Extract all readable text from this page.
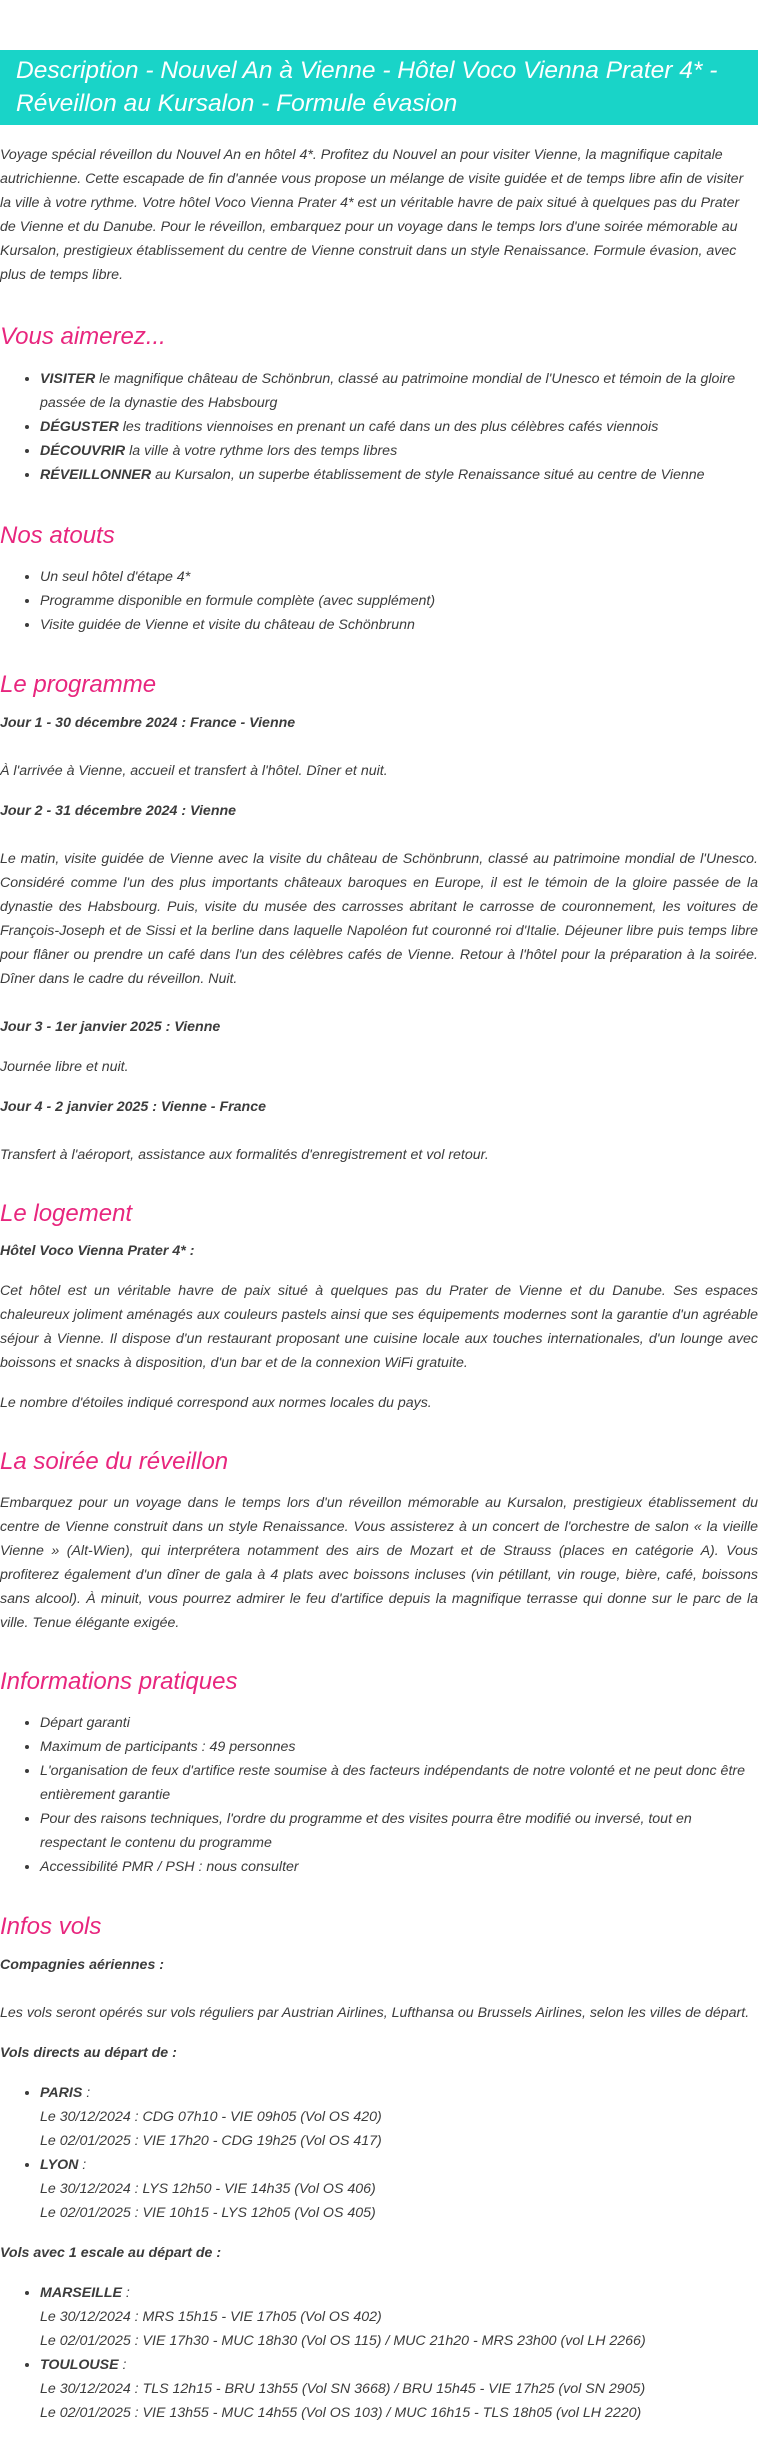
Description - Nouvel An à Vienne - Hôtel Voco Vienna Prater 4* - Réveillon au Kursalon - Formule évasion

Voyage spécial réveillon du Nouvel An en hôtel 4*. Profitez du Nouvel an pour visiter Vienne, la magnifique capitale autrichienne. Cette escapade de fin d'année vous propose un mélange de visite guidée et de temps libre afin de visiter la ville à votre rythme. Votre hôtel Voco Vienna Prater 4* est un véritable havre de paix situé à quelques pas du Prater de Vienne et du Danube. Pour le réveillon, embarquez pour un voyage dans le temps lors d'une soirée mémorable au Kursalon, prestigieux établissement du centre de Vienne construit dans un style Renaissance. Formule évasion, avec plus de temps libre.

Vous aimerez...
• VISITER le magnifique château de Schönbrun, classé au patrimoine mondial de l'Unesco et témoin de la gloire passée de la dynastie des Habsbourg
• DÉGUSTER les traditions viennoises en prenant un café dans un des plus célèbres cafés viennois
• DÉCOUVRIR la ville à votre rythme lors des temps libres
• RÉVEILLONNER au Kursalon, un superbe établissement de style Renaissance situé au centre de Vienne
Nos atouts
• Un seul hôtel d'étape 4*
• Programme disponible en formule complète (avec supplément)
• Visite guidée de Vienne et visite du château de Schönbrunn
Le programme

Jour 1 - 30 décembre 2024 : France - Vienne

À l'arrivée à Vienne, accueil et transfert à l'hôtel. Dîner et nuit.

Jour 2 - 31 décembre 2024 : Vienne

Le matin, visite guidée de Vienne avec la visite du château de Schönbrunn, classé au patrimoine mondial de l'Unesco. Considéré comme l'un des plus importants châteaux baroques en Europe, il est le témoin de la gloire passée de la dynastie des Habsbourg. Puis, visite du musée des carrosses abritant le carrosse de couronnement, les voitures de François-Joseph et de Sissi et la berline dans laquelle Napoléon fut couronné roi d'Italie. Déjeuner libre puis temps libre pour flâner ou prendre un café dans l'un des célèbres cafés de Vienne. Retour à l'hôtel pour la préparation à la soirée. Dîner dans le cadre du réveillon. Nuit.

Jour 3 - 1er janvier 2025 : Vienne

Journée libre et nuit.

Jour 4 - 2 janvier 2025 : Vienne - France

Transfert à l'aéroport, assistance aux formalités d'enregistrement et vol retour.

Le logement

Hôtel Voco Vienna Prater 4* :

Cet hôtel est un véritable havre de paix situé à quelques pas du Prater de Vienne et du Danube. Ses espaces chaleureux joliment aménagés aux couleurs pastels ainsi que ses équipements modernes sont la garantie d'un agréable séjour à Vienne. Il dispose d'un restaurant proposant une cuisine locale aux touches internationales, d'un lounge avec boissons et snacks à disposition, d'un bar et de la connexion WiFi gratuite.

Le nombre d'étoiles indiqué correspond aux normes locales du pays.

La soirée du réveillon

Embarquez pour un voyage dans le temps lors d'un réveillon mémorable au Kursalon, prestigieux établissement du centre de Vienne construit dans un style Renaissance. Vous assisterez à un concert de l'orchestre de salon « la vieille Vienne » (Alt-Wien), qui interprétera notamment des airs de Mozart et de Strauss (places en catégorie A). Vous profiterez également d'un dîner de gala à 4 plats avec boissons incluses (vin pétillant, vin rouge, bière, café, boissons sans alcool). À minuit, vous pourrez admirer le feu d'artifice depuis la magnifique terrasse qui donne sur le parc de la ville. Tenue élégante exigée.

Informations pratiques
• Départ garanti
• Maximum de participants : 49 personnes
• L'organisation de feux d'artifice reste soumise à des facteurs indépendants de notre volonté et ne peut donc être entièrement garantie
• Pour des raisons techniques, l'ordre du programme et des visites pourra être modifié ou inversé, tout en respectant le contenu du programme
• Accessibilité PMR / PSH : nous consulter
Infos vols

Compagnies aériennes :

Les vols seront opérés sur vols réguliers par Austrian Airlines, Lufthansa ou Brussels Airlines, selon les villes de départ.

Vols directs au départ de :

• PARIS :
Le 30/12/2024 : CDG 07h10 - VIE 09h05 (Vol OS 420)
Le 02/01/2025 : VIE 17h20 - CDG 19h25 (Vol OS 417)
• LYON :
Le 30/12/2024 : LYS 12h50 - VIE 14h35 (Vol OS 406)
Le 02/01/2025 : VIE 10h15 - LYS 12h05 (Vol OS 405)

Vols avec 1 escale au départ de :

• MARSEILLE :
Le 30/12/2024 : MRS 15h15 - VIE 17h05 (Vol OS 402)
Le 02/01/2025 : VIE 17h30 - MUC 18h30 (Vol OS 115) / MUC 21h20 - MRS 23h00 (vol LH 2266)
• TOULOUSE :
Le 30/12/2024 : TLS 12h15 - BRU 13h55 (Vol SN 3668) / BRU 15h45 - VIE 17h25 (vol SN 2905)
Le 02/01/2025 : VIE 13h55 - MUC 14h55 (Vol OS 103) / MUC 16h15 - TLS 18h05 (vol LH 2220)
